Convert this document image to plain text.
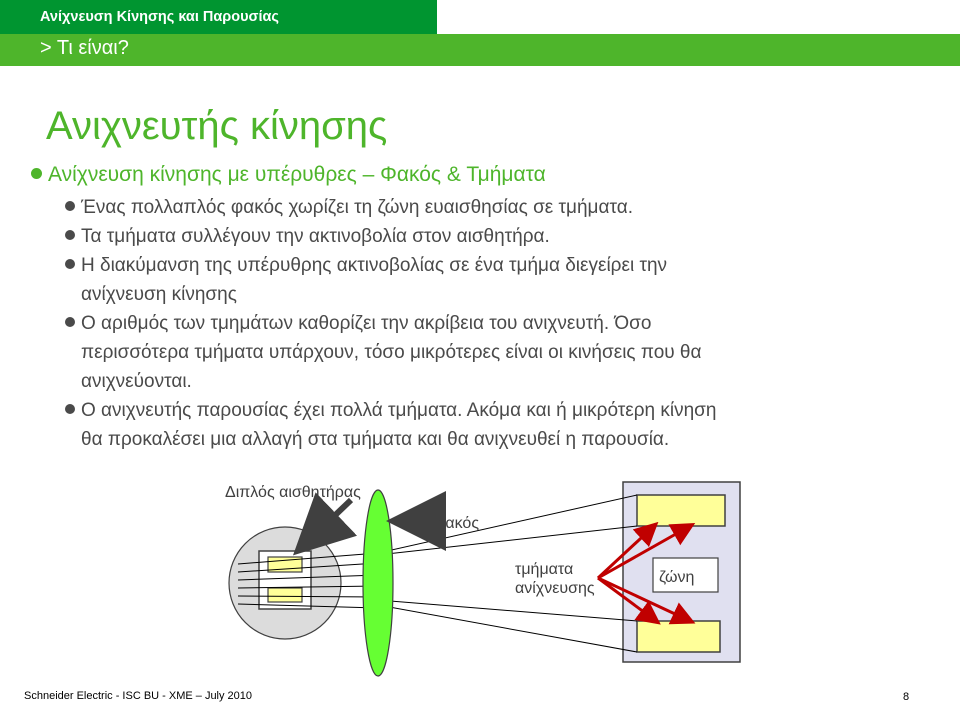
Ανίχνευση Κίνησης και Παρουσίας
> Τι είναι?
Ανιχνευτής κίνησης
Ανίχνευση κίνησης με υπέρυθρες – Φακός & Τμήματα
Ένας πολλαπλός φακός χωρίζει τη ζώνη ευαισθησίας σε τμήματα.
Τα τμήματα συλλέγουν την ακτινοβολία στον αισθητήρα.
Η διακύμανση της υπέρυθρης ακτινοβολίας σε ένα τμήμα διεγείρει την
ανίχνευση κίνησης
Ο αριθμός των τμημάτων καθορίζει την ακρίβεια του ανιχνευτή. Όσο
περισσότερα τμήματα υπάρχουν, τόσο μικρότερες είναι οι κινήσεις που θα
ανιχνεύονται.
Ο ανιχνευτής παρουσίας έχει πολλά τμήματα. Ακόμα και ή μικρότερη κίνηση
θα προκαλέσει μια αλλαγή στα τμήματα και θα ανιχνευθεί η παρουσία.
ζώνη
Διπλός αισθητήρας
φακός
τμήματα
ανίχνευσης
Schneider Electric - ISC BU - XME – July 2010	8
